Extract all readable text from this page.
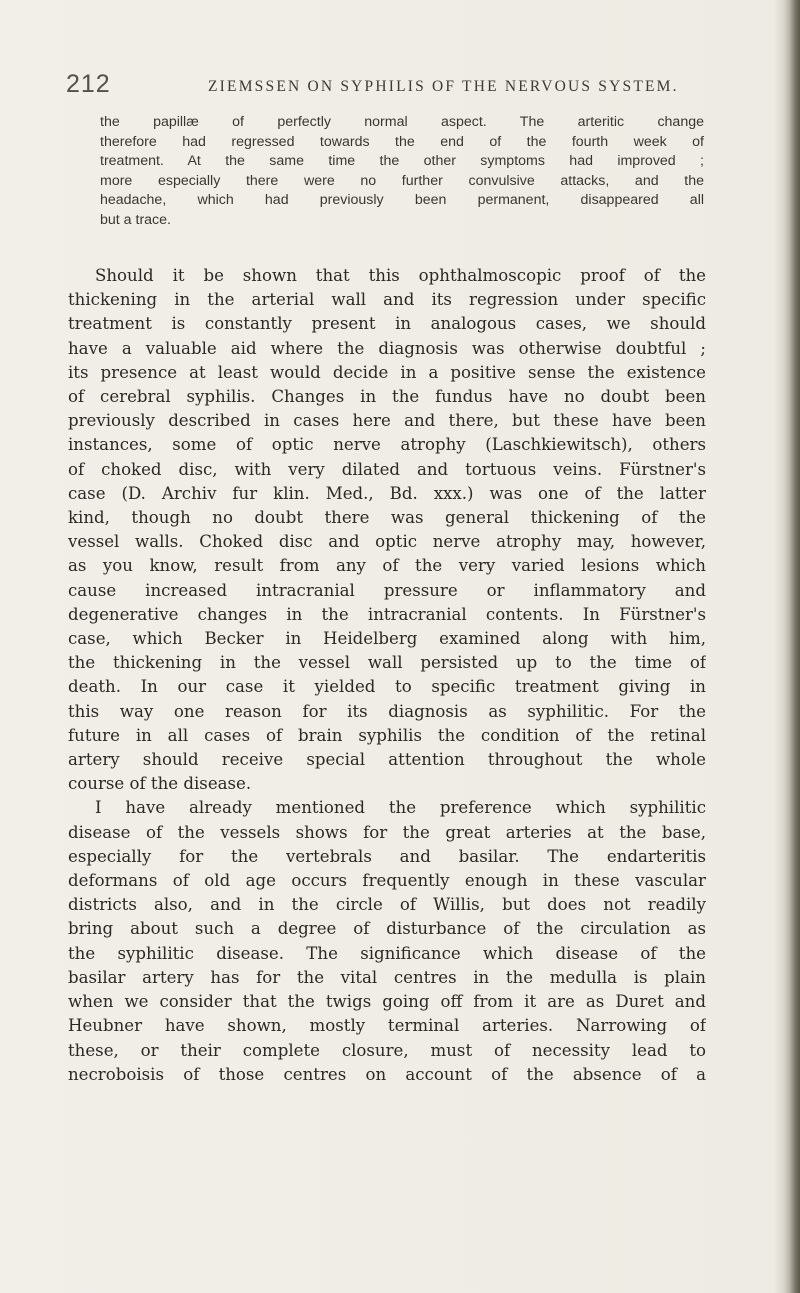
212	ZIEMSSEN ON SYPHILIS OF THE NERVOUS SYSTEM.
the papillæ of perfectly normal aspect. The arteritic change
therefore had regressed towards the end of the fourth week of
treatment. At the same time the other symptoms had improved ;
more especially there were no further convulsive attacks, and the
headache, which had previously been permanent, disappeared all
but a trace.
Should it be shown that this ophthalmoscopic proof of the
thickening in the arterial wall and its regression under specific
treatment is constantly present in analogous cases, we should
have a valuable aid where the diagnosis was otherwise doubtful ;
its presence at least would decide in a positive sense the existence
of cerebral syphilis. Changes in the fundus have no doubt been
previously described in cases here and there, but these have been
instances, some of optic nerve atrophy (Laschkiewitsch), others
of choked disc, with very dilated and tortuous veins. Fürstner's
case (D. Archiv fur klin. Med., Bd. xxx.) was one of the latter
kind, though no doubt there was general thickening of the
vessel walls. Choked disc and optic nerve atrophy may, however,
as you know, result from any of the very varied lesions which
cause increased intracranial pressure or inflammatory and
degenerative changes in the intracranial contents. In Fürstner's
case, which Becker in Heidelberg examined along with him,
the thickening in the vessel wall persisted up to the time of
death. In our case it yielded to specific treatment giving in
this way one reason for its diagnosis as syphilitic. For the
future in all cases of brain syphilis the condition of the retinal
artery should receive special attention throughout the whole
course of the disease.
I have already mentioned the preference which syphilitic
disease of the vessels shows for the great arteries at the base,
especially for the vertebrals and basilar. The endarteritis
deformans of old age occurs frequently enough in these vascular
districts also, and in the circle of Willis, but does not readily
bring about such a degree of disturbance of the circulation as
the syphilitic disease. The significance which disease of the
basilar artery has for the vital centres in the medulla is plain
when we consider that the twigs going off from it are as Duret and
Heubner have shown, mostly terminal arteries. Narrowing of
these, or their complete closure, must of necessity lead to
necroboisis of those centres on account of the absence of a
